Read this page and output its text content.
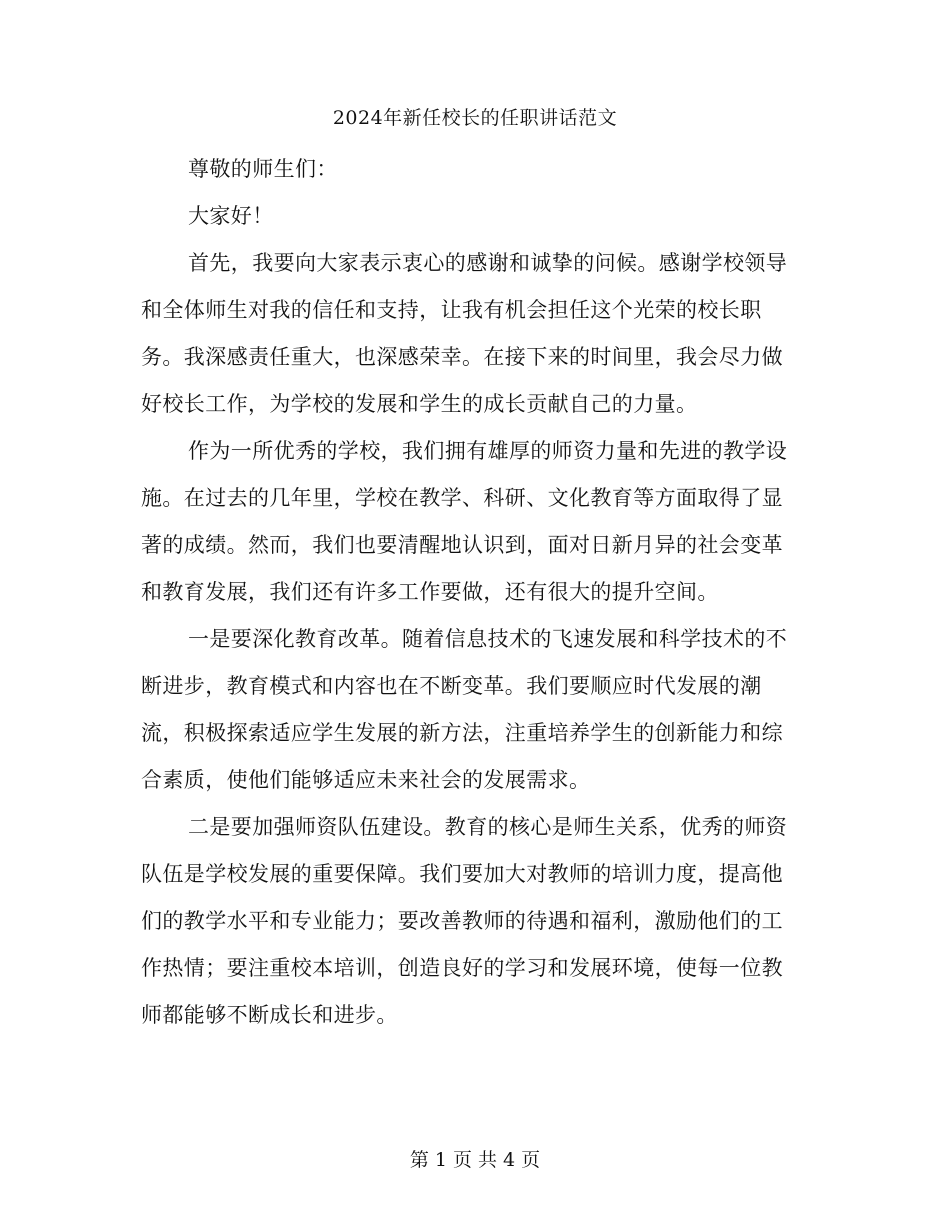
2024年新任校长的任职讲话范文
尊敬的师生们：
大家好！
首先，我要向大家表示衷心的感谢和诚挚的问候。感谢学校领导
和全体师生对我的信任和支持，让我有机会担任这个光荣的校长职
务。我深感责任重大，也深感荣幸。在接下来的时间里，我会尽力做
好校长工作，为学校的发展和学生的成长贡献自己的力量。
作为一所优秀的学校，我们拥有雄厚的师资力量和先进的教学设
施。在过去的几年里，学校在教学、科研、文化教育等方面取得了显
著的成绩。然而，我们也要清醒地认识到，面对日新月异的社会变革
和教育发展，我们还有许多工作要做，还有很大的提升空间。
一是要深化教育改革。随着信息技术的飞速发展和科学技术的不
断进步，教育模式和内容也在不断变革。我们要顺应时代发展的潮
流，积极探索适应学生发展的新方法，注重培养学生的创新能力和综
合素质，使他们能够适应未来社会的发展需求。
二是要加强师资队伍建设。教育的核心是师生关系，优秀的师资
队伍是学校发展的重要保障。我们要加大对教师的培训力度，提高他
们的教学水平和专业能力；要改善教师的待遇和福利，激励他们的工
作热情；要注重校本培训，创造良好的学习和发展环境，使每一位教
师都能够不断成长和进步。
第 1 页 共 4 页
